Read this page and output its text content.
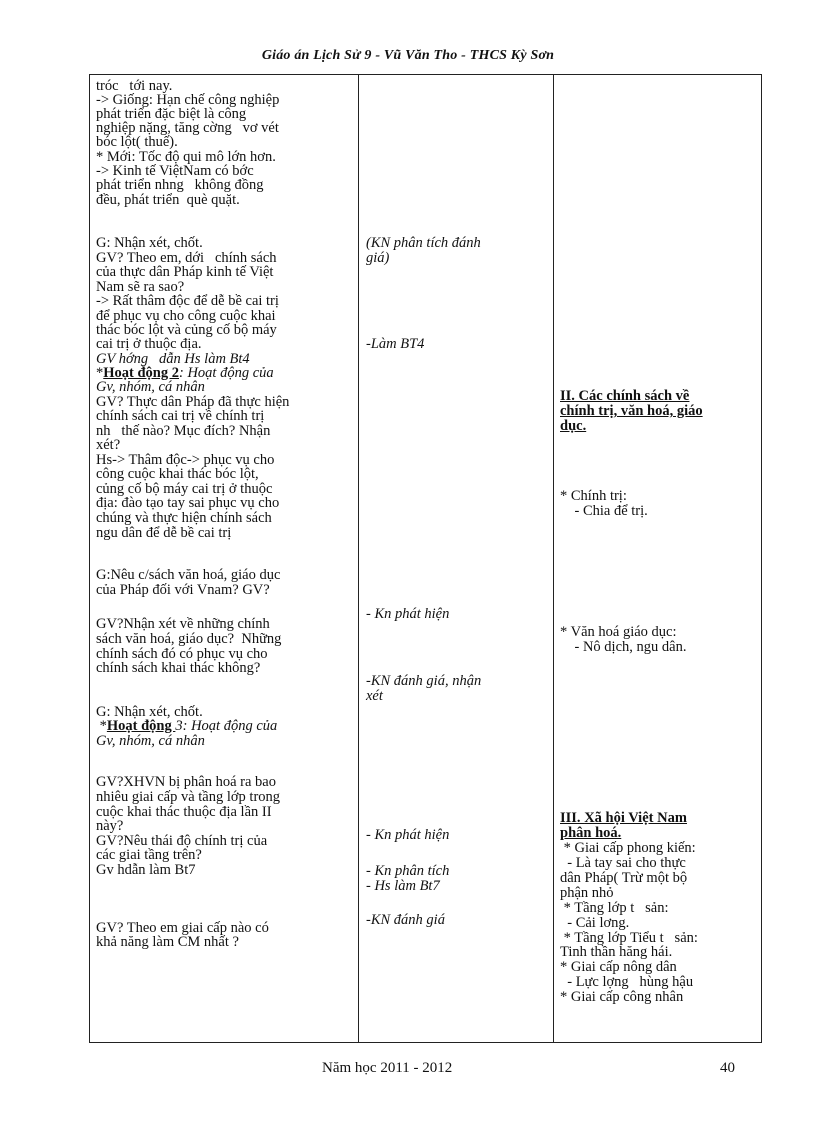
Giáo án Lịch Sử 9 - Vũ Văn Tho - THCS Kỳ Sơn
tróc   tới nay.
-> Giống: Hạn chế công nghiệp
phát triển đặc biệt là công
nghiệp nặng, tăng cờng   vơ vét
bóc lột( thuế).
* Mới: Tốc độ qui mô lớn hơn.
-> Kinh tế ViệtNam có bớc
phát triển nhng   không đồng
đều, phát triển  què quặt.
G: Nhận xét, chốt.
GV? Theo em, dới   chính sách
của thực dân Pháp kinh tế Việt
Nam sẽ ra sao?
-> Rất thâm độc để dễ bề cai trị
để phục vụ cho công cuộc khai
thác bóc lột và củng cố bộ máy
cai trị ở thuộc địa.
GV hớng   dẫn Hs làm Bt4
*Hoạt động 2: Hoạt động của
Gv, nhóm, cá nhân
GV? Thực dân Pháp đã thực hiện
chính sách cai trị về chính trị
nh   thế nào? Mục đích? Nhận
xét?
Hs-> Thâm độc-> phục vụ cho
công cuộc khai thác bóc lột,
củng cố bộ máy cai trị ở thuộc
địa: đào tạo tay sai phục vụ cho
chúng và thực hiện chính sách
ngu dân để dễ bề cai trị
G:Nêu c/sách văn hoá, giáo dục
của Pháp đối với Vnam? GV?
GV?Nhận xét về những chính
sách văn hoá, giáo dục?  Những
chính sách đó có phục vụ cho
chính sách khai thác không?
G: Nhận xét, chốt.
*Hoạt động 3: Hoạt động của
Gv, nhóm, cá nhân
GV?XHVN bị phân hoá ra bao
nhiêu giai cấp và tầng lớp trong
cuộc khai thác thuộc địa lần II
này?
GV?Nêu thái độ chính trị của
các giai tầng trên?
Gv hdẫn làm Bt7
GV? Theo em giai cấp nào có
khả năng làm CM nhất ?
(KN phân tích đánh
giá)
-Làm BT4
- Kn phát hiện
-KN đánh giá, nhận
xét
- Kn phát hiện
- Kn phân tích
- Hs làm Bt7
-KN đánh giá
II. Các chính sách về
chính trị, văn hoá, giáo
dục.
* Chính trị:
- Chia để trị.
* Văn hoá giáo dục:
- Nô dịch, ngu dân.
III. Xã hội Việt Nam
phân hoá.
* Giai cấp phong kiến:
- Là tay sai cho thực
dân Pháp( Trừ một bộ
phận nhỏ
* Tầng lớp t   sản:
- Cải lơng.
* Tầng lớp Tiểu t   sản:
Tinh thần hăng hái.
* Giai cấp nông dân
- Lực lợng   hùng hậu
* Giai cấp công nhân
Năm học 2011 - 2012	40
